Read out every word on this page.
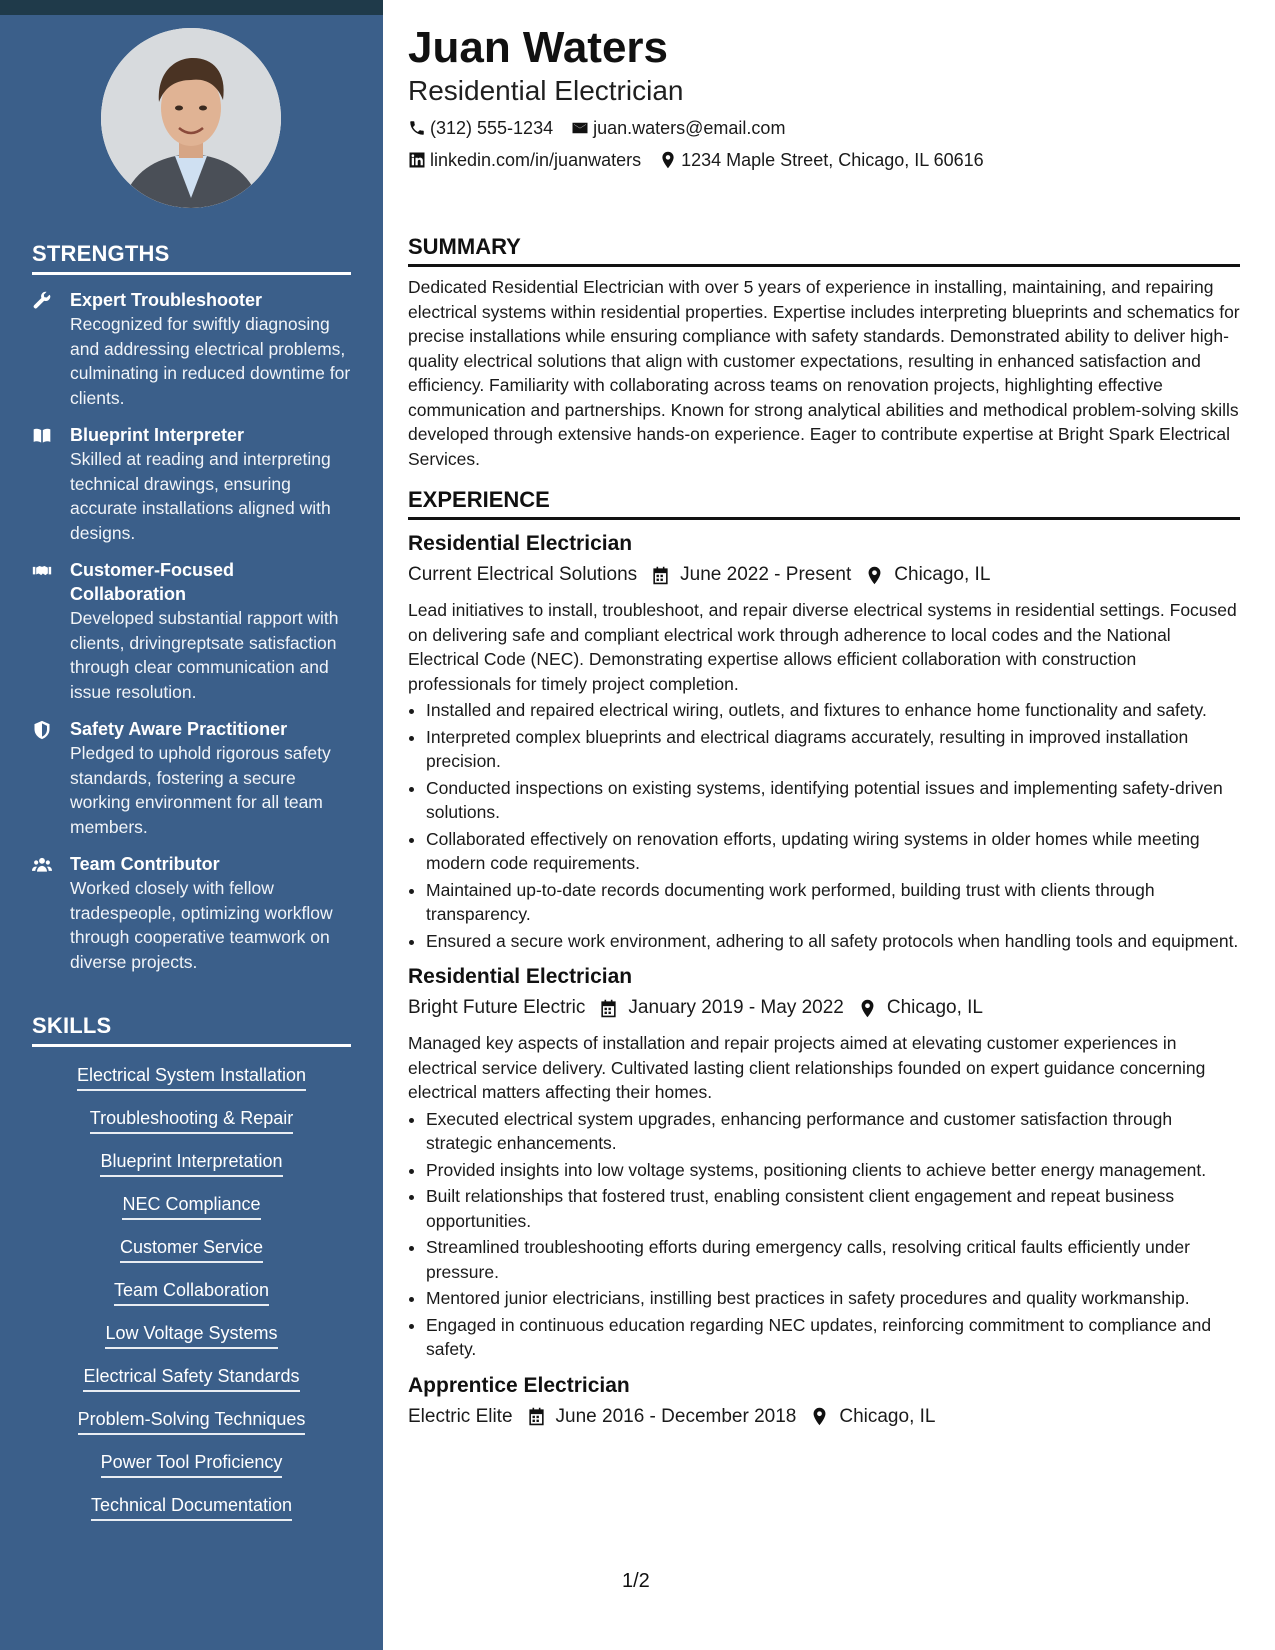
STRENGTHS
Expert Troubleshooter
Recognized for swiftly diagnosing and addressing electrical problems, culminating in reduced downtime for clients.
Blueprint Interpreter
Skilled at reading and interpreting technical drawings, ensuring accurate installations aligned with designs.
Customer-Focused Collaboration
Developed substantial rapport with clients, drivingreptsate satisfaction through clear communication and issue resolution.
Safety Aware Practitioner
Pledged to uphold rigorous safety standards, fostering a secure working environment for all team members.
Team Contributor
Worked closely with fellow tradespeople, optimizing workflow through cooperative teamwork on diverse projects.
SKILLS
Electrical System Installation
Troubleshooting & Repair
Blueprint Interpretation
NEC Compliance
Customer Service
Team Collaboration
Low Voltage Systems
Electrical Safety Standards
Problem-Solving Techniques
Power Tool Proficiency
Technical Documentation
Juan Waters
Residential Electrician
(312) 555-1234 juan.waters@email.com
linkedin.com/in/juanwaters 1234 Maple Street, Chicago, IL 60616
SUMMARY

Dedicated Residential Electrician with over 5 years of experience in installing, maintaining, and repairing electrical systems within residential properties. Expertise includes interpreting blueprints and schematics for precise installations while ensuring compliance with safety standards. Demonstrated ability to deliver high-quality electrical solutions that align with customer expectations, resulting in enhanced satisfaction and efficiency. Familiarity with collaborating across teams on renovation projects, highlighting effective communication and partnerships. Known for strong analytical abilities and methodical problem-solving skills developed through extensive hands-on experience. Eager to contribute expertise at Bright Spark Electrical Services.

EXPERIENCE
Residential Electrician
Current Electrical Solutions June 2022 - Present Chicago, IL

Lead initiatives to install, troubleshoot, and repair diverse electrical systems in residential settings. Focused on delivering safe and compliant electrical work through adherence to local codes and the National Electrical Code (NEC). Demonstrating expertise allows efficient collaboration with construction professionals for timely project completion.

• Installed and repaired electrical wiring, outlets, and fixtures to enhance home functionality and safety.
• Interpreted complex blueprints and electrical diagrams accurately, resulting in improved installation precision.
• Conducted inspections on existing systems, identifying potential issues and implementing safety-driven solutions.
• Collaborated effectively on renovation efforts, updating wiring systems in older homes while meeting modern code requirements.
• Maintained up-to-date records documenting work performed, building trust with clients through transparency.
• Ensured a secure work environment, adhering to all safety protocols when handling tools and equipment.
Residential Electrician
Bright Future Electric January 2019 - May 2022 Chicago, IL

Managed key aspects of installation and repair projects aimed at elevating customer experiences in electrical service delivery. Cultivated lasting client relationships founded on expert guidance concerning electrical matters affecting their homes.

• Executed electrical system upgrades, enhancing performance and customer satisfaction through strategic enhancements.
• Provided insights into low voltage systems, positioning clients to achieve better energy management.
• Built relationships that fostered trust, enabling consistent client engagement and repeat business opportunities.
• Streamlined troubleshooting efforts during emergency calls, resolving critical faults efficiently under pressure.
• Mentored junior electricians, instilling best practices in safety procedures and quality workmanship.
• Engaged in continuous education regarding NEC updates, reinforcing commitment to compliance and safety.
Apprentice Electrician
Electric Elite June 2016 - December 2018 Chicago, IL
1/2
